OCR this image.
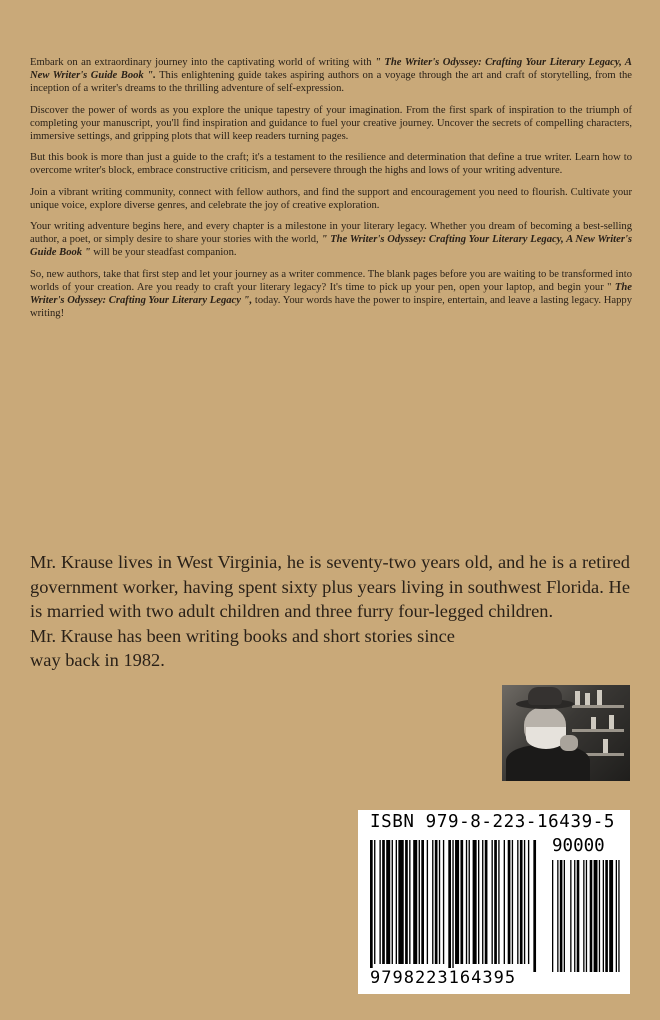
Embark on an extraordinary journey into the captivating world of writing with " The Writer's Odyssey: Crafting Your Literary Legacy, A New Writer's Guide Book ". This enlightening guide takes aspiring authors on a voyage through the art and craft of storytelling, from the inception of a writer's dreams to the thrilling adventure of self-expression.

Discover the power of words as you explore the unique tapestry of your imagination. From the first spark of inspiration to the triumph of completing your manuscript, you'll find inspiration and guidance to fuel your creative journey. Uncover the secrets of compelling characters, immersive settings, and gripping plots that will keep readers turning pages.

But this book is more than just a guide to the craft; it's a testament to the resilience and determination that define a true writer. Learn how to overcome writer's block, embrace constructive criticism, and persevere through the highs and lows of your writing adventure.

Join a vibrant writing community, connect with fellow authors, and find the support and encouragement you need to flourish. Cultivate your unique voice, explore diverse genres, and celebrate the joy of creative exploration.

Your writing adventure begins here, and every chapter is a milestone in your literary legacy. Whether you dream of becoming a best-selling author, a poet, or simply desire to share your stories with the world, " The Writer's Odyssey: Crafting Your Literary Legacy, A New Writer's Guide Book " will be your steadfast companion.

So, new authors, take that first step and let your journey as a writer commence. The blank pages before you are waiting to be transformed into worlds of your creation. Are you ready to craft your literary legacy? It's time to pick up your pen, open your laptop, and begin your " The Writer's Odyssey: Crafting Your Literary Legacy ", today. Your words have the power to inspire, entertain, and leave a lasting legacy. Happy writing!

Mr. Krause lives in West Virginia, he is seventy-two years old, and he is a retired government worker, having spent sixty plus years living in southwest Florida. He is married with two adult children and three furry four-legged children.

Mr. Krause has been writing books and short stories since way back in 1982.

ISBN 979-8-223-16439-5
90000
9798223164395
